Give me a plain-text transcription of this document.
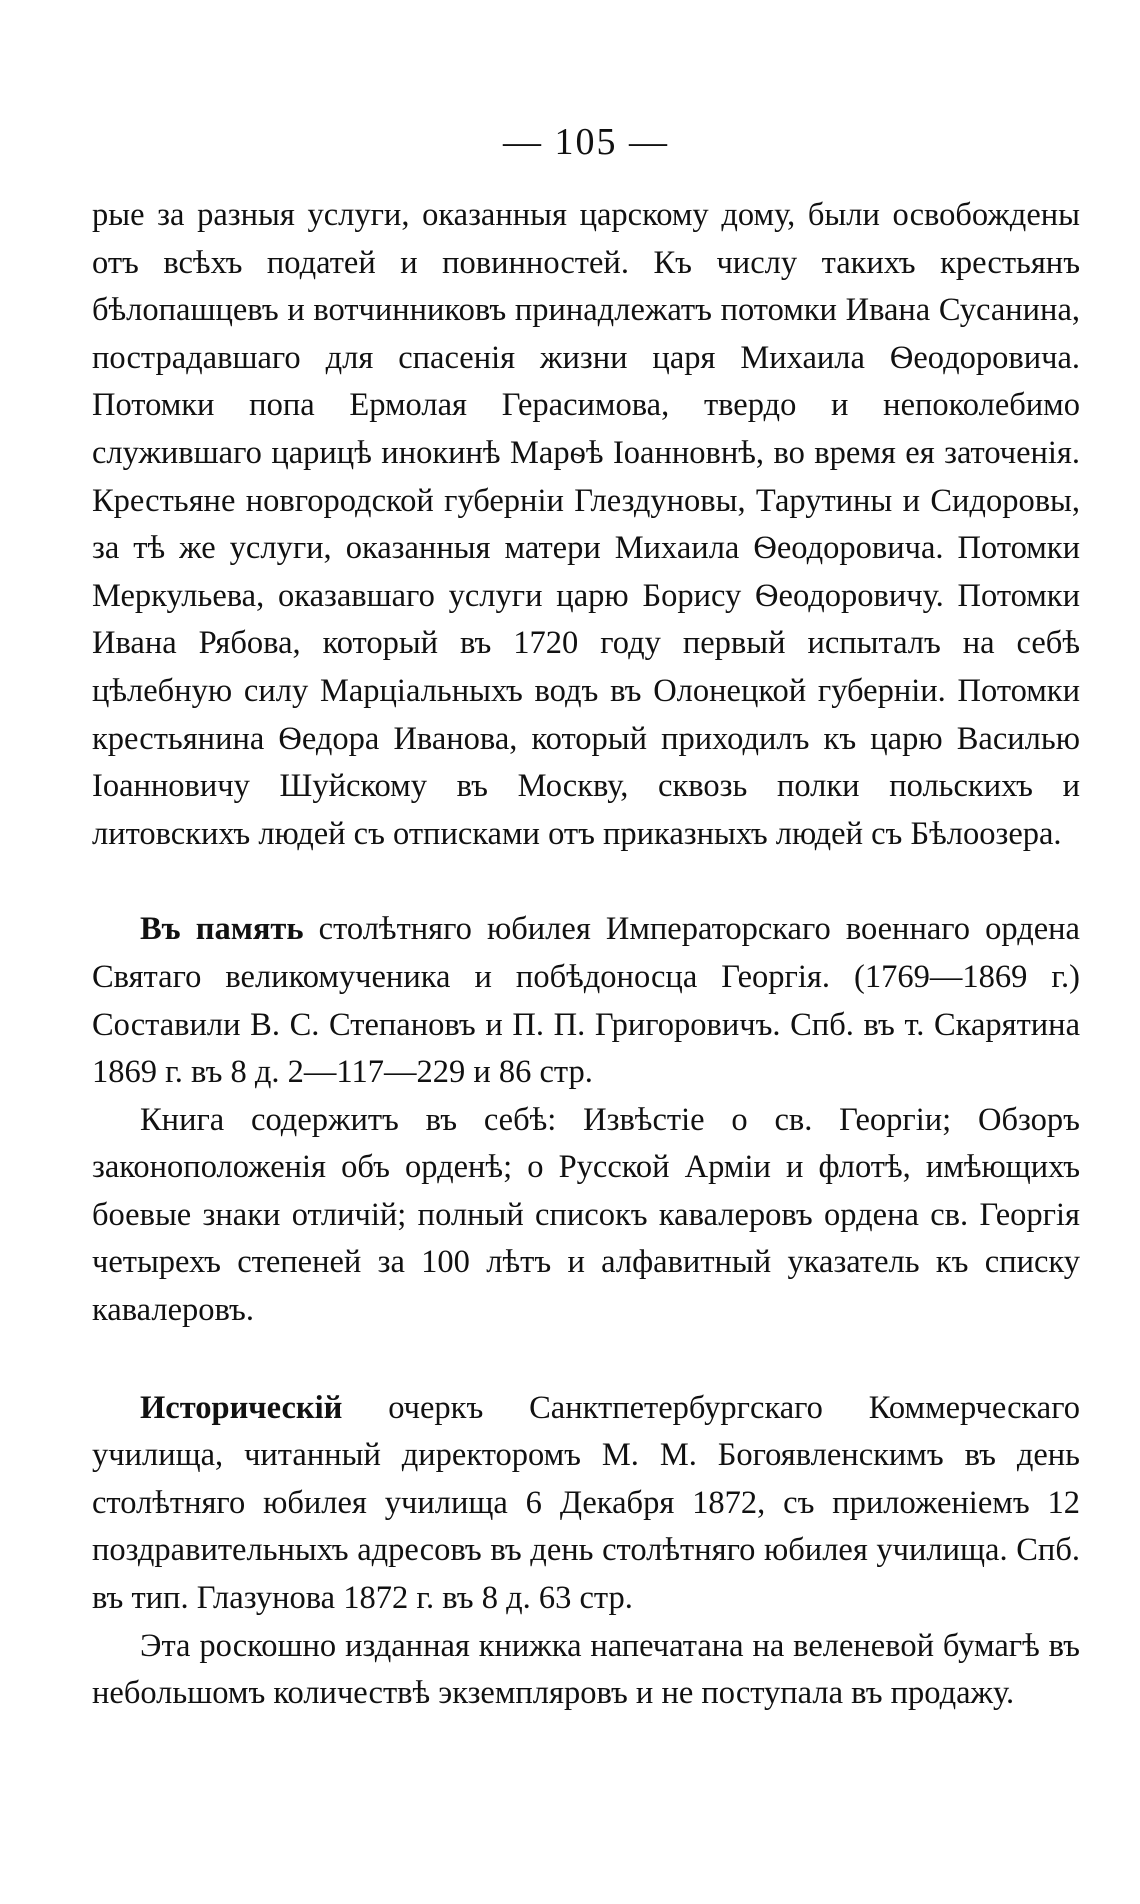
— 105 —

рые за разныя услуги, оказанныя царскому дому, были освобождены отъ всѣхъ податей и повинностей. Къ числу такихъ крестьянъ бѣлопашцевъ и вотчинниковъ принадлежатъ потомки Ивана Сусанина, пострадавшаго для спасенія жизни царя Михаила Ѳеодоровича. Потомки попа Ермолая Герасимова, твердо и непоколебимо служившаго царицѣ инокинѣ Марѳѣ Іоанновнѣ, во время ея заточенія. Крестьяне новгородской губерніи Глездуновы, Тарутины и Сидоровы, за тѣ же услуги, оказанныя матери Михаила Ѳеодоровича. Потомки Меркульева, оказавшаго услуги царю Борису Ѳеодоровичу. Потомки Ивана Рябова, который въ 1720 году первый испыталъ на себѣ цѣлебную силу Марціальныхъ водъ въ Олонецкой губерніи. Потомки крестьянина Ѳедора Иванова, который приходилъ къ царю Василью Іоанновичу Шуйскому въ Москву, сквозь полки польскихъ и литовскихъ людей съ отписками отъ приказныхъ людей съ Бѣлоозера.

Въ память столѣтняго юбилея Императорскаго военнаго ордена Святаго великомученика и побѣдоносца Георгія. (1769—1869 г.) Составили В. С. Степановъ и П. П. Григоровичъ. Спб. въ т. Скарятина 1869 г. въ 8 д. 2—117—229 и 86 стр.

Книга содержитъ въ себѣ: Извѣстіе о св. Георгіи; Обзоръ законоположенія объ орденѣ; о Русской Арміи и флотѣ, имѣющихъ боевые знаки отличій; полный списокъ кавалеровъ ордена св. Георгія четырехъ степеней за 100 лѣтъ и алфавитный указатель къ списку кавалеровъ.

Историческій очеркъ Санктпетербургскаго Коммерческаго училища, читанный директоромъ М. М. Богоявленскимъ въ день столѣтняго юбилея училища 6 Декабря 1872, съ приложеніемъ 12 поздравительныхъ адресовъ въ день столѣтняго юбилея училища. Спб. въ тип. Глазунова 1872 г. въ 8 д. 63 стр.

Эта роскошно изданная книжка напечатана на веленевой бумагѣ въ небольшомъ количествѣ экземпляровъ и не поступала въ продажу.
